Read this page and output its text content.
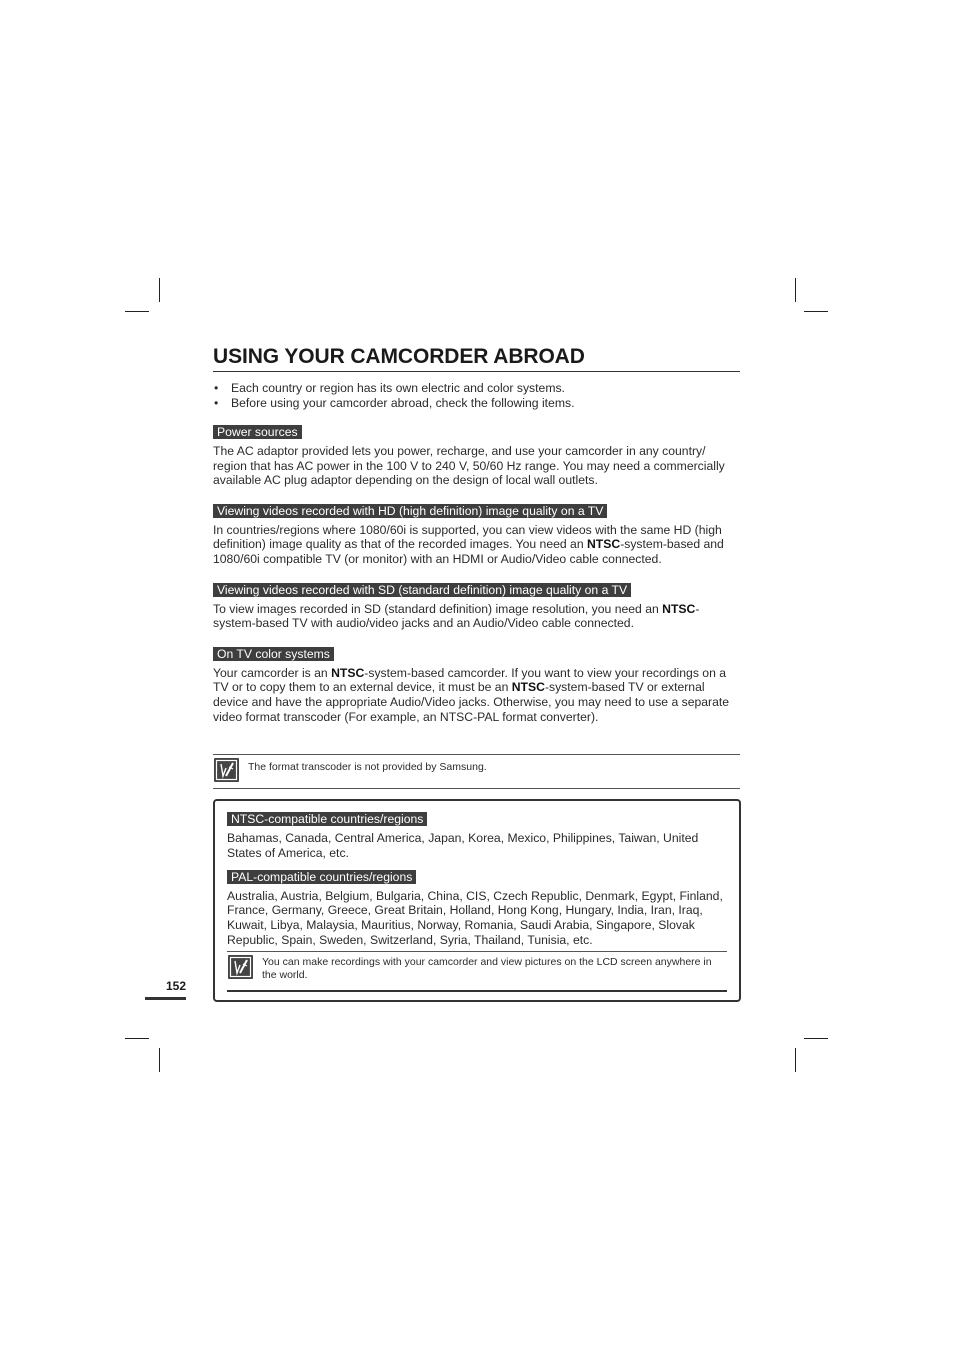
USING YOUR CAMCORDER ABROAD
• Each country or region has its own electric and color systems.
• Before using your camcorder abroad, check the following items.
Power sources

The AC adaptor provided lets you power, recharge, and use your camcorder in any country/ region that has AC power in the 100 V to 240 V, 50/60 Hz range. You may need a commercially available AC plug adaptor depending on the design of local wall outlets.

Viewing videos recorded with HD (high definition) image quality on a TV

In countries/regions where 1080/60i is supported, you can view videos with the same HD (high definition) image quality as that of the recorded images. You need an NTSC-system-based and 1080/60i compatible TV (or monitor) with an HDMI or Audio/Video cable connected.

Viewing videos recorded with SD (standard definition) image quality on a TV

To view images recorded in SD (standard definition) image resolution, you need an NTSC- system-based TV with audio/video jacks and an Audio/Video cable connected.

On TV color systems

Your camcorder is an NTSC-system-based camcorder. If you want to view your recordings on a TV or to copy them to an external device, it must be an NTSC-system-based TV or external device and have the appropriate Audio/Video jacks. Otherwise, you may need to use a separate video format transcoder (For example, an NTSC-PAL format converter).

The format transcoder is not provided by Samsung.
NTSC-compatible countries/regions

Bahamas, Canada, Central America, Japan, Korea, Mexico, Philippines, Taiwan, United States of America, etc.

PAL-compatible countries/regions

Australia, Austria, Belgium, Bulgaria, China, CIS, Czech Republic, Denmark, Egypt, Finland, France, Germany, Greece, Great Britain, Holland, Hong Kong, Hungary, India, Iran, Iraq, Kuwait, Libya, Malaysia, Mauritius, Norway, Romania, Saudi Arabia, Singapore, Slovak Republic, Spain, Sweden, Switzerland, Syria, Thailand, Tunisia, etc.

You can make recordings with your camcorder and view pictures on the LCD screen anywhere in the world.
152
